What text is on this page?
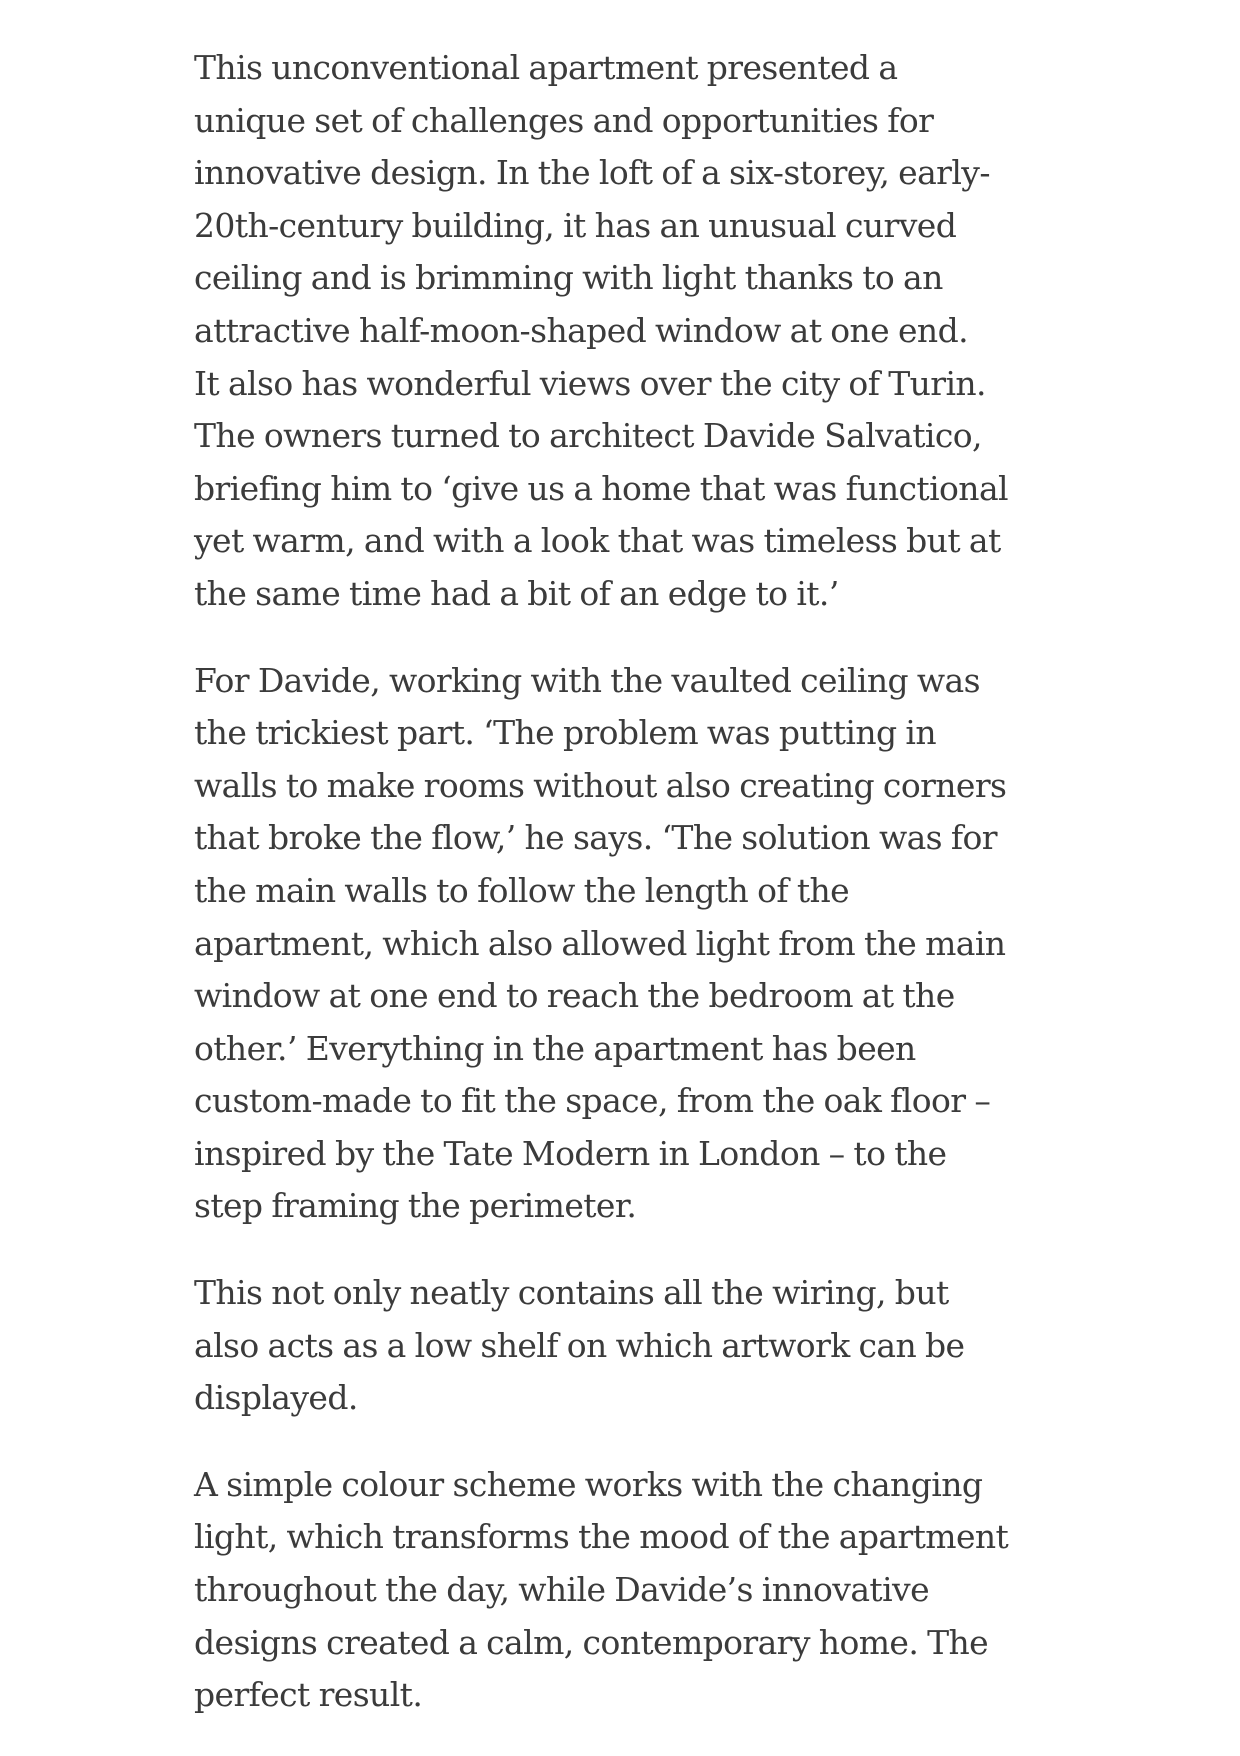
This unconventional apartment presented a
unique set of challenges and opportunities for
innovative design. In the loft of a six-storey, early-
20th-century building, it has an unusual curved
ceiling and is brimming with light thanks to an
attractive half-moon-shaped window at one end.
It also has wonderful views over the city of Turin.
The owners turned to architect Davide Salvatico,
briefing him to ‘give us a home that was functional
yet warm, and with a look that was timeless but at
the same time had a bit of an edge to it.’

For Davide, working with the vaulted ceiling was
the trickiest part. ‘The problem was putting in
walls to make rooms without also creating corners
that broke the flow,’ he says. ‘The solution was for
the main walls to follow the length of the
apartment, which also allowed light from the main
window at one end to reach the bedroom at the
other.’ Everything in the apartment has been
custom-made to fit the space, from the oak floor –
inspired by the Tate Modern in London – to the
step framing the perimeter.

This not only neatly contains all the wiring, but
also acts as a low shelf on which artwork can be
displayed.

A simple colour scheme works with the changing
light, which transforms the mood of the apartment
throughout the day, while Davide’s innovative
designs created a calm, contemporary home. The
perfect result.
